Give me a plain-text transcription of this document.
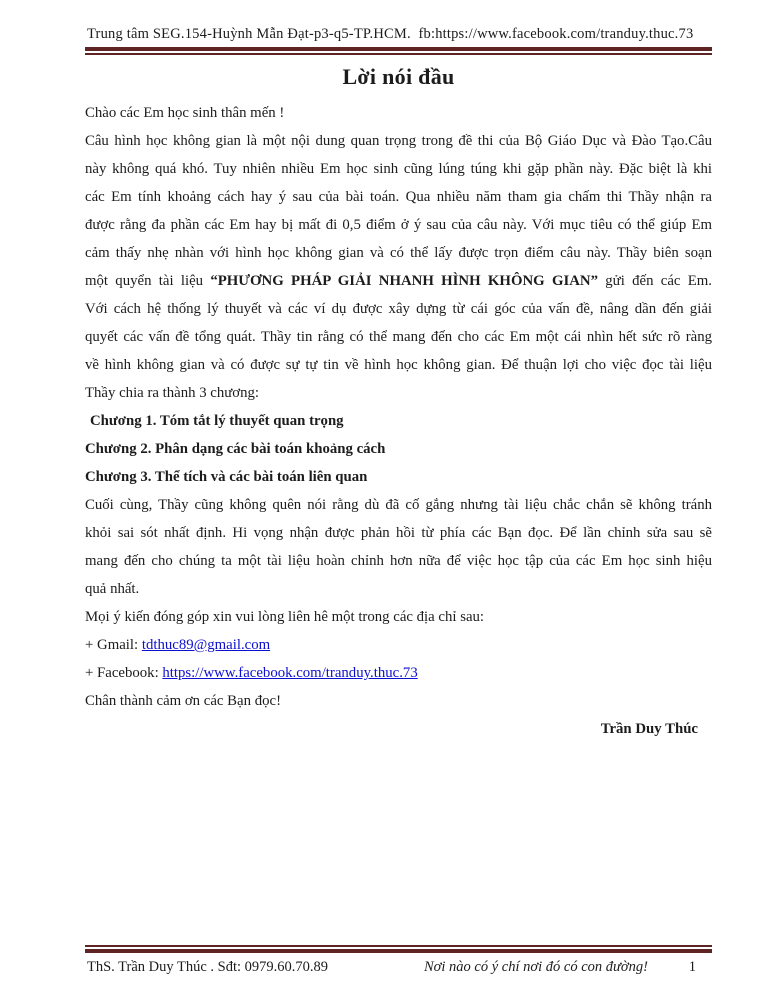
Trung tâm SEG.154-Huỳnh Mẫn Đạt-p3-q5-TP.HCM.  fb:https://www.facebook.com/tranduy.thuc.73
Lời nói đầu
Chào các Em học sinh thân mến !
Câu hình học không gian là một nội dung quan trọng trong đề thi của Bộ Giáo Dục và Đào Tạo.Câu
này không quá khó. Tuy nhiên nhiều Em học sinh cũng lúng túng khi gặp phần này. Đặc biệt là khi
các Em tính khoảng cách hay ý sau của bài toán. Qua nhiều năm tham gia chấm thi Thầy nhận ra
được rằng đa phần các Em hay bị mất đi 0,5 điểm ở ý sau của câu này. Với mục tiêu có thể giúp Em
cảm thấy nhẹ nhàn với hình học không gian và có thể lấy được trọn điểm câu này. Thầy biên soạn
một quyển tài liệu “PHƯƠNG PHÁP GIẢI NHANH HÌNH KHÔNG GIAN” gửi đến các Em.
Với cách hệ thống lý thuyết và các ví dụ được xây dựng từ cái góc của vấn đề, nâng dần đến giải
quyết các vấn đề tổng quát. Thầy tin rằng có thể mang đến cho các Em một cái nhìn hết sức rõ ràng
về hình không gian và có được sự tự tin về hình học không gian. Để thuận lợi cho việc đọc tài liệu
Thầy chia ra thành 3 chương:
Chương 1. Tóm tắt lý thuyết quan trọng
Chương 2. Phân dạng các bài toán khoảng cách
Chương 3. Thể tích và các bài toán liên quan
Cuối cùng, Thầy cũng không quên nói rằng dù đã cố gắng nhưng tài liệu chắc chắn sẽ không tránh
khỏi sai sót nhất định. Hi vọng nhận được phản hồi từ phía các Bạn đọc. Để lần chỉnh sửa sau sẽ
mang đến cho chúng ta một tài liệu hoàn chỉnh hơn nữa để việc học tập của các Em học sinh hiệu
quả nhất.
Mọi ý kiến đóng góp xin vui lòng liên hê một trong các địa chỉ sau:
+ Gmail: tdthuc89@gmail.com
+ Facebook: https://www.facebook.com/tranduy.thuc.73
Chân thành cảm ơn các Bạn đọc!
Trần Duy Thúc
ThS. Trần Duy Thúc . Sđt: 0979.60.70.89	Nơi nào có ý chí nơi đó có con đường!	1
